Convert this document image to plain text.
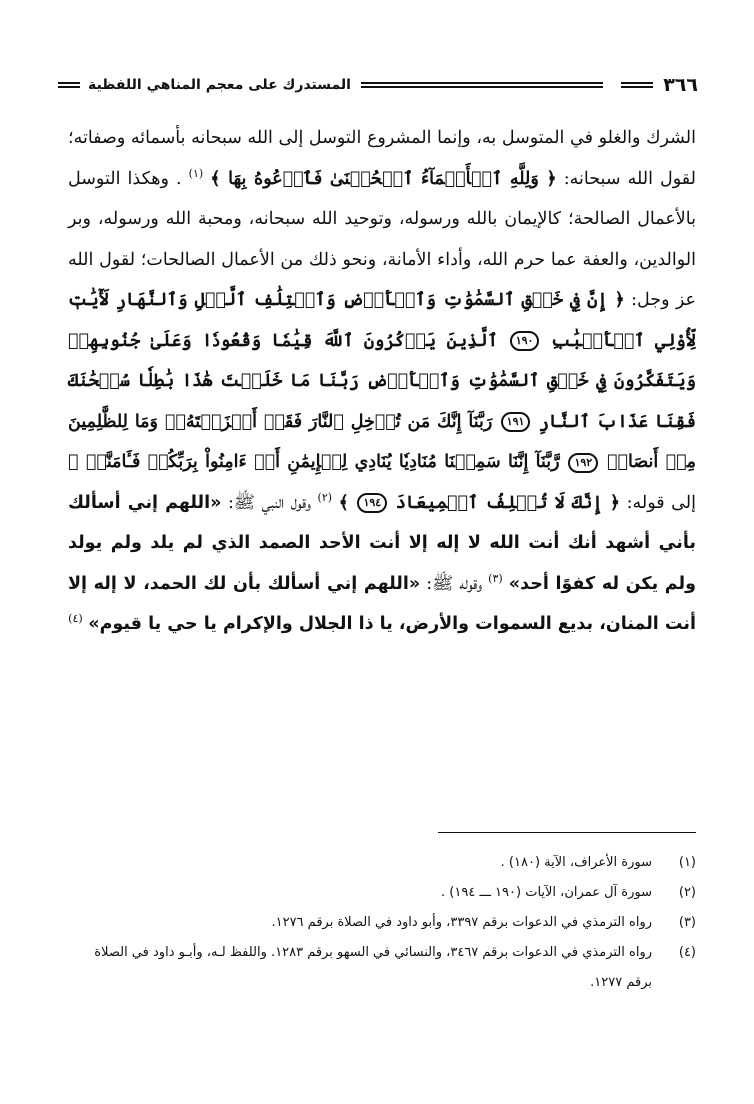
٣٦٦
المستدرك على معجم المناهي اللفظية

الشرك والغلو في المتوسل به، وإنما المشروع التوسل إلى الله سبحانه بأسمائه وصفاته؛ لقول الله سبحانه: ﴿ وَلِلَّهِ ٱلۡأَسۡمَآءُ ٱلۡحُسۡنَىٰ فَٱدۡعُوهُ بِهَا ﴾ $^{(١)}$ . وهكذا التوسل بالأعمال الصالحة؛ كالإيمان بالله ورسوله، وتوحيد الله سبحانه، ومحبة الله ورسوله، وبر الوالدين، والعفة عما حرم الله، وأداء الأمانة، ونحو ذلك من الأعمال الصالحات؛ لقول الله عز وجل: ﴿ إِنَّ فِي خَلۡقِ ٱلسَّمَٰوَٰتِ وَٱلۡأَرۡضِ وَٱخۡتِلَٰفِ ٱلَّيۡلِ وَٱلنَّهَارِ لَأٓيَٰتٖ لِّأُوْلِي ٱلۡأَلۡبَٰبِ ١٩٠ ٱلَّذِينَ يَذۡكُرُونَ ٱللَّهَ قِيَٰمٗا وَقُعُودٗا وَعَلَىٰ جُنُوبِهِمۡ وَيَتَفَكَّرُونَ فِي خَلۡقِ ٱلسَّمَٰوَٰتِ وَٱلۡأَرۡضِ رَبَّنَا مَا خَلَقۡتَ هَٰذَا بَٰطِلٗا سُبۡحَٰنَكَ فَقِنَا عَذَابَ ٱلنَّارِ ١٩١ رَبَّنَآ إِنَّكَ مَن تُدۡخِلِ ٱلنَّارَ فَقَدۡ أَخۡزَيۡتَهُۥۖ وَمَا لِلظَّٰلِمِينَ مِنۡ أَنصَارٖ ١٩٢ رَّبَّنَآ إِنَّنَا سَمِعۡنَا مُنَادِيٗا يُنَادِي لِلۡإِيمَٰنِ أَنۡ ءَامِنُواْ بِرَبِّكُمۡ فَـَٔامَنَّاۚ ﴾ إلى قوله: ﴿ إِنَّكَ لَا تُخۡلِفُ ٱلۡمِيعَادَ ١٩٤ ﴾ $^{(٢)}$ وقول النبي ﷺ: «اللهم إني أسألك بأني أشهد أنك أنت الله لا إله إلا أنت الأحد الصمد الذي لم يلد ولم يولد ولم يكن له كفوًا أحد» $^{(٣)}$ وقوله ﷺ: «اللهم إني أسألك بأن لك الحمد، لا إله إلا أنت المنان، بديع السموات والأرض، يا ذا الجلال والإكرام يا حي يا قيوم» $^{(٤)}$

(١)
سورة الأعراف، الآية (١٨٠) .
(٢)
سورة آل عمران، الآيات (١٩٠ ـــ ١٩٤) .
(٣)
رواه الترمذي في الدعوات برقم ٣٣٩٧، وأبو داود في الصلاة برقم ١٢٧٦.
(٤)
رواه الترمذي في الدعوات برقم ٣٤٦٧، والنسائي في السهو برقم ١٢٨٣. واللفظ لـه، وأبـو داود في الصلاة برقم ١٢٧٧.
